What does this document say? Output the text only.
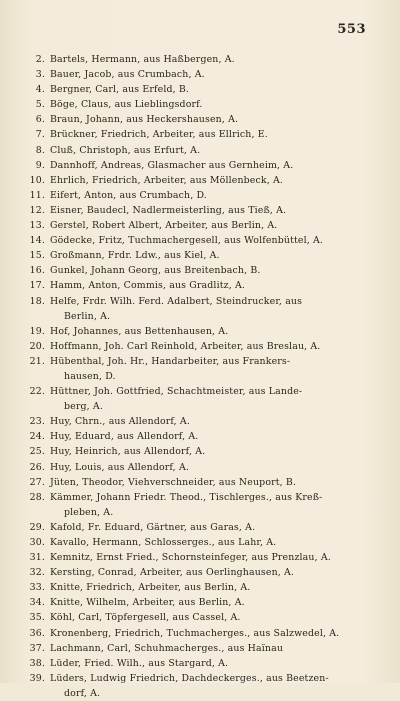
553
2. Bartels, Hermann, aus Haßbergen, A.
3. Bauer, Jacob, aus Crumbach, A.
4. Bergner, Carl, aus Erfeld, B.
5. Böge, Claus, aus Lieblingsdorf.
6. Braun, Johann, aus Heckershausen, A.
7. Brückner, Friedrich, Arbeiter, aus Ellrich, E.
8. Cluß, Christoph, aus Erfurt, A.
9. Dannhoff, Andreas, Glasmacher aus Gernheim, A.
10. Ehrlich, Friedrich, Arbeiter, aus Möllenbeck, A.
11. Eifert, Anton, aus Crumbach, D.
12. Eisner, Baudecl, Nadlermeisterling, aus Tieß, A.
13. Gerstel, Robert Albert, Arbeiter, aus Berlin, A.
14. Gödecke, Fritz, Tuchmachergesell, aus Wolfenbüttel, A.
15. Großmann, Frdr. Ldw., aus Kiel, A.
16. Gunkel, Johann Georg, aus Breitenbach, B.
17. Hamm, Anton, Commis, aus Gradlitz, A.
18. Helfe, Frdr. Wilh. Ferd. Adalbert, Steindrucker, aus
Berlin, A.
19. Hof, Johannes, aus Bettenhausen, A.
20. Hoffmann, Joh. Carl Reinhold, Arbeiter, aus Breslau, A.
21. Hübenthal, Joh. Hr., Handarbeiter, aus Frankers-
hausen, D.
22. Hüttner, Joh. Gottfried, Schachtmeister, aus Lande-
berg, A.
23. Huy, Chrn., aus Allendorf, A.
24. Huy, Eduard, aus Allendorf, A.
25. Huy, Heinrich, aus Allendorf, A.
26. Huy, Louis, aus Allendorf, A.
27. Jüten, Theodor, Viehverschneider, aus Neuport, B.
28. Kämmer, Johann Friedr. Theod., Tischlerges., aus Kreß-
pleben, A.
29. Kafold, Fr. Eduard, Gärtner, aus Garas, A.
30. Kavallo, Hermann, Schlosserges., aus Lahr, A.
31. Kemnitz, Ernst Fried., Schornsteinfeger, aus Prenzlau, A.
32. Kersting, Conrad, Arbeiter, aus Oerlinghausen, A.
33. Knitte, Friedrich, Arbeiter, aus Berlin, A.
34. Knitte, Wilhelm, Arbeiter, aus Berlin, A.
35. Köhl, Carl, Töpfergesell, aus Cassel, A.
36. Kronenberg, Friedrich, Tuchmacherges., aus Salzwedel, A.
37. Lachmann, Carl, Schuhmacherges., aus Haïnau
38. Lüder, Fried. Wilh., aus Stargard, A.
39. Lüders, Ludwig Friedrich, Dachdeckerges., aus Beetzen-
dorf, A.
